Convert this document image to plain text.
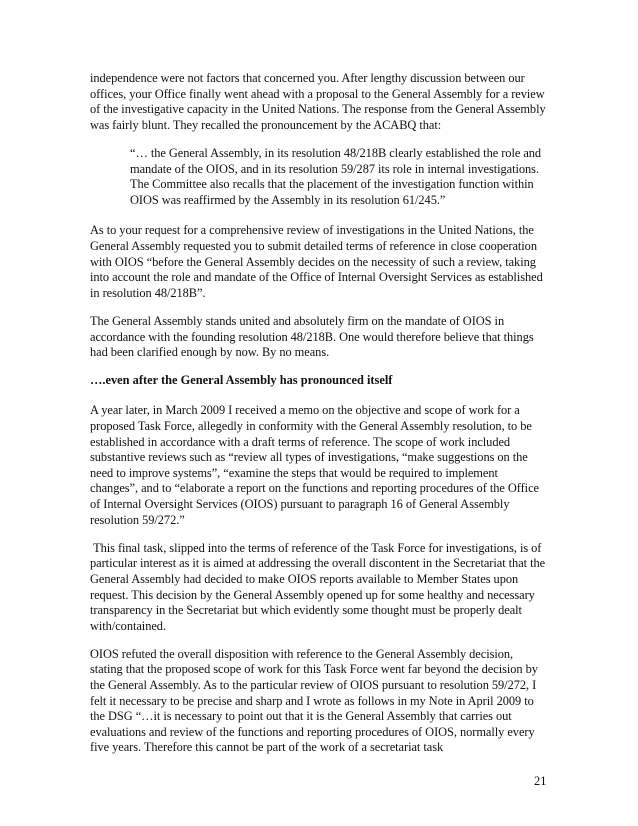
independence were not factors that concerned you. After lengthy discussion between our offices, your Office finally went ahead with a proposal to the General Assembly for a review of the investigative capacity in the United Nations. The response from the General Assembly was fairly blunt. They recalled the pronouncement by the ACABQ that:

“… the General Assembly, in its resolution 48/218B clearly established the role and mandate of the OIOS, and in its resolution 59/287 its role in internal investigations. The Committee also recalls that the placement of the investigation function within OIOS was reaffirmed by the Assembly in its resolution 61/245.”

As to your request for a comprehensive review of investigations in the United Nations, the General Assembly requested you to submit detailed terms of reference in close cooperation with OIOS “before the General Assembly decides on the necessity of such a review, taking into account the role and mandate of the Office of Internal Oversight Services as established in resolution 48/218B”.

The General Assembly stands united and absolutely firm on the mandate of OIOS in accordance with the founding resolution 48/218B. One would therefore believe that things had been clarified enough by now. By no means.

….even after the General Assembly has pronounced itself

A year later, in March 2009 I received a memo on the objective and scope of work for a proposed Task Force, allegedly in conformity with the General Assembly resolution, to be established in accordance with a draft terms of reference. The scope of work included substantive reviews such as “review all types of investigations, “make suggestions on the need to improve systems”, “examine the steps that would be required to implement changes”, and to “elaborate a report on the functions and reporting procedures of the Office of Internal Oversight Services (OIOS) pursuant to paragraph 16 of General Assembly resolution 59/272.”

This final task, slipped into the terms of reference of the Task Force for investigations, is of particular interest as it is aimed at addressing the overall discontent in the Secretariat that the General Assembly had decided to make OIOS reports available to Member States upon request. This decision by the General Assembly opened up for some healthy and necessary transparency in the Secretariat but which evidently some thought must be properly dealt with/contained.

OIOS refuted the overall disposition with reference to the General Assembly decision, stating that the proposed scope of work for this Task Force went far beyond the decision by the General Assembly. As to the particular review of OIOS pursuant to resolution 59/272, I felt it necessary to be precise and sharp and I wrote as follows in my Note in April 2009 to the DSG “…it is necessary to point out that it is the General Assembly that carries out evaluations and review of the functions and reporting procedures of OIOS, normally every five years. Therefore this cannot be part of the work of a secretariat task

21
